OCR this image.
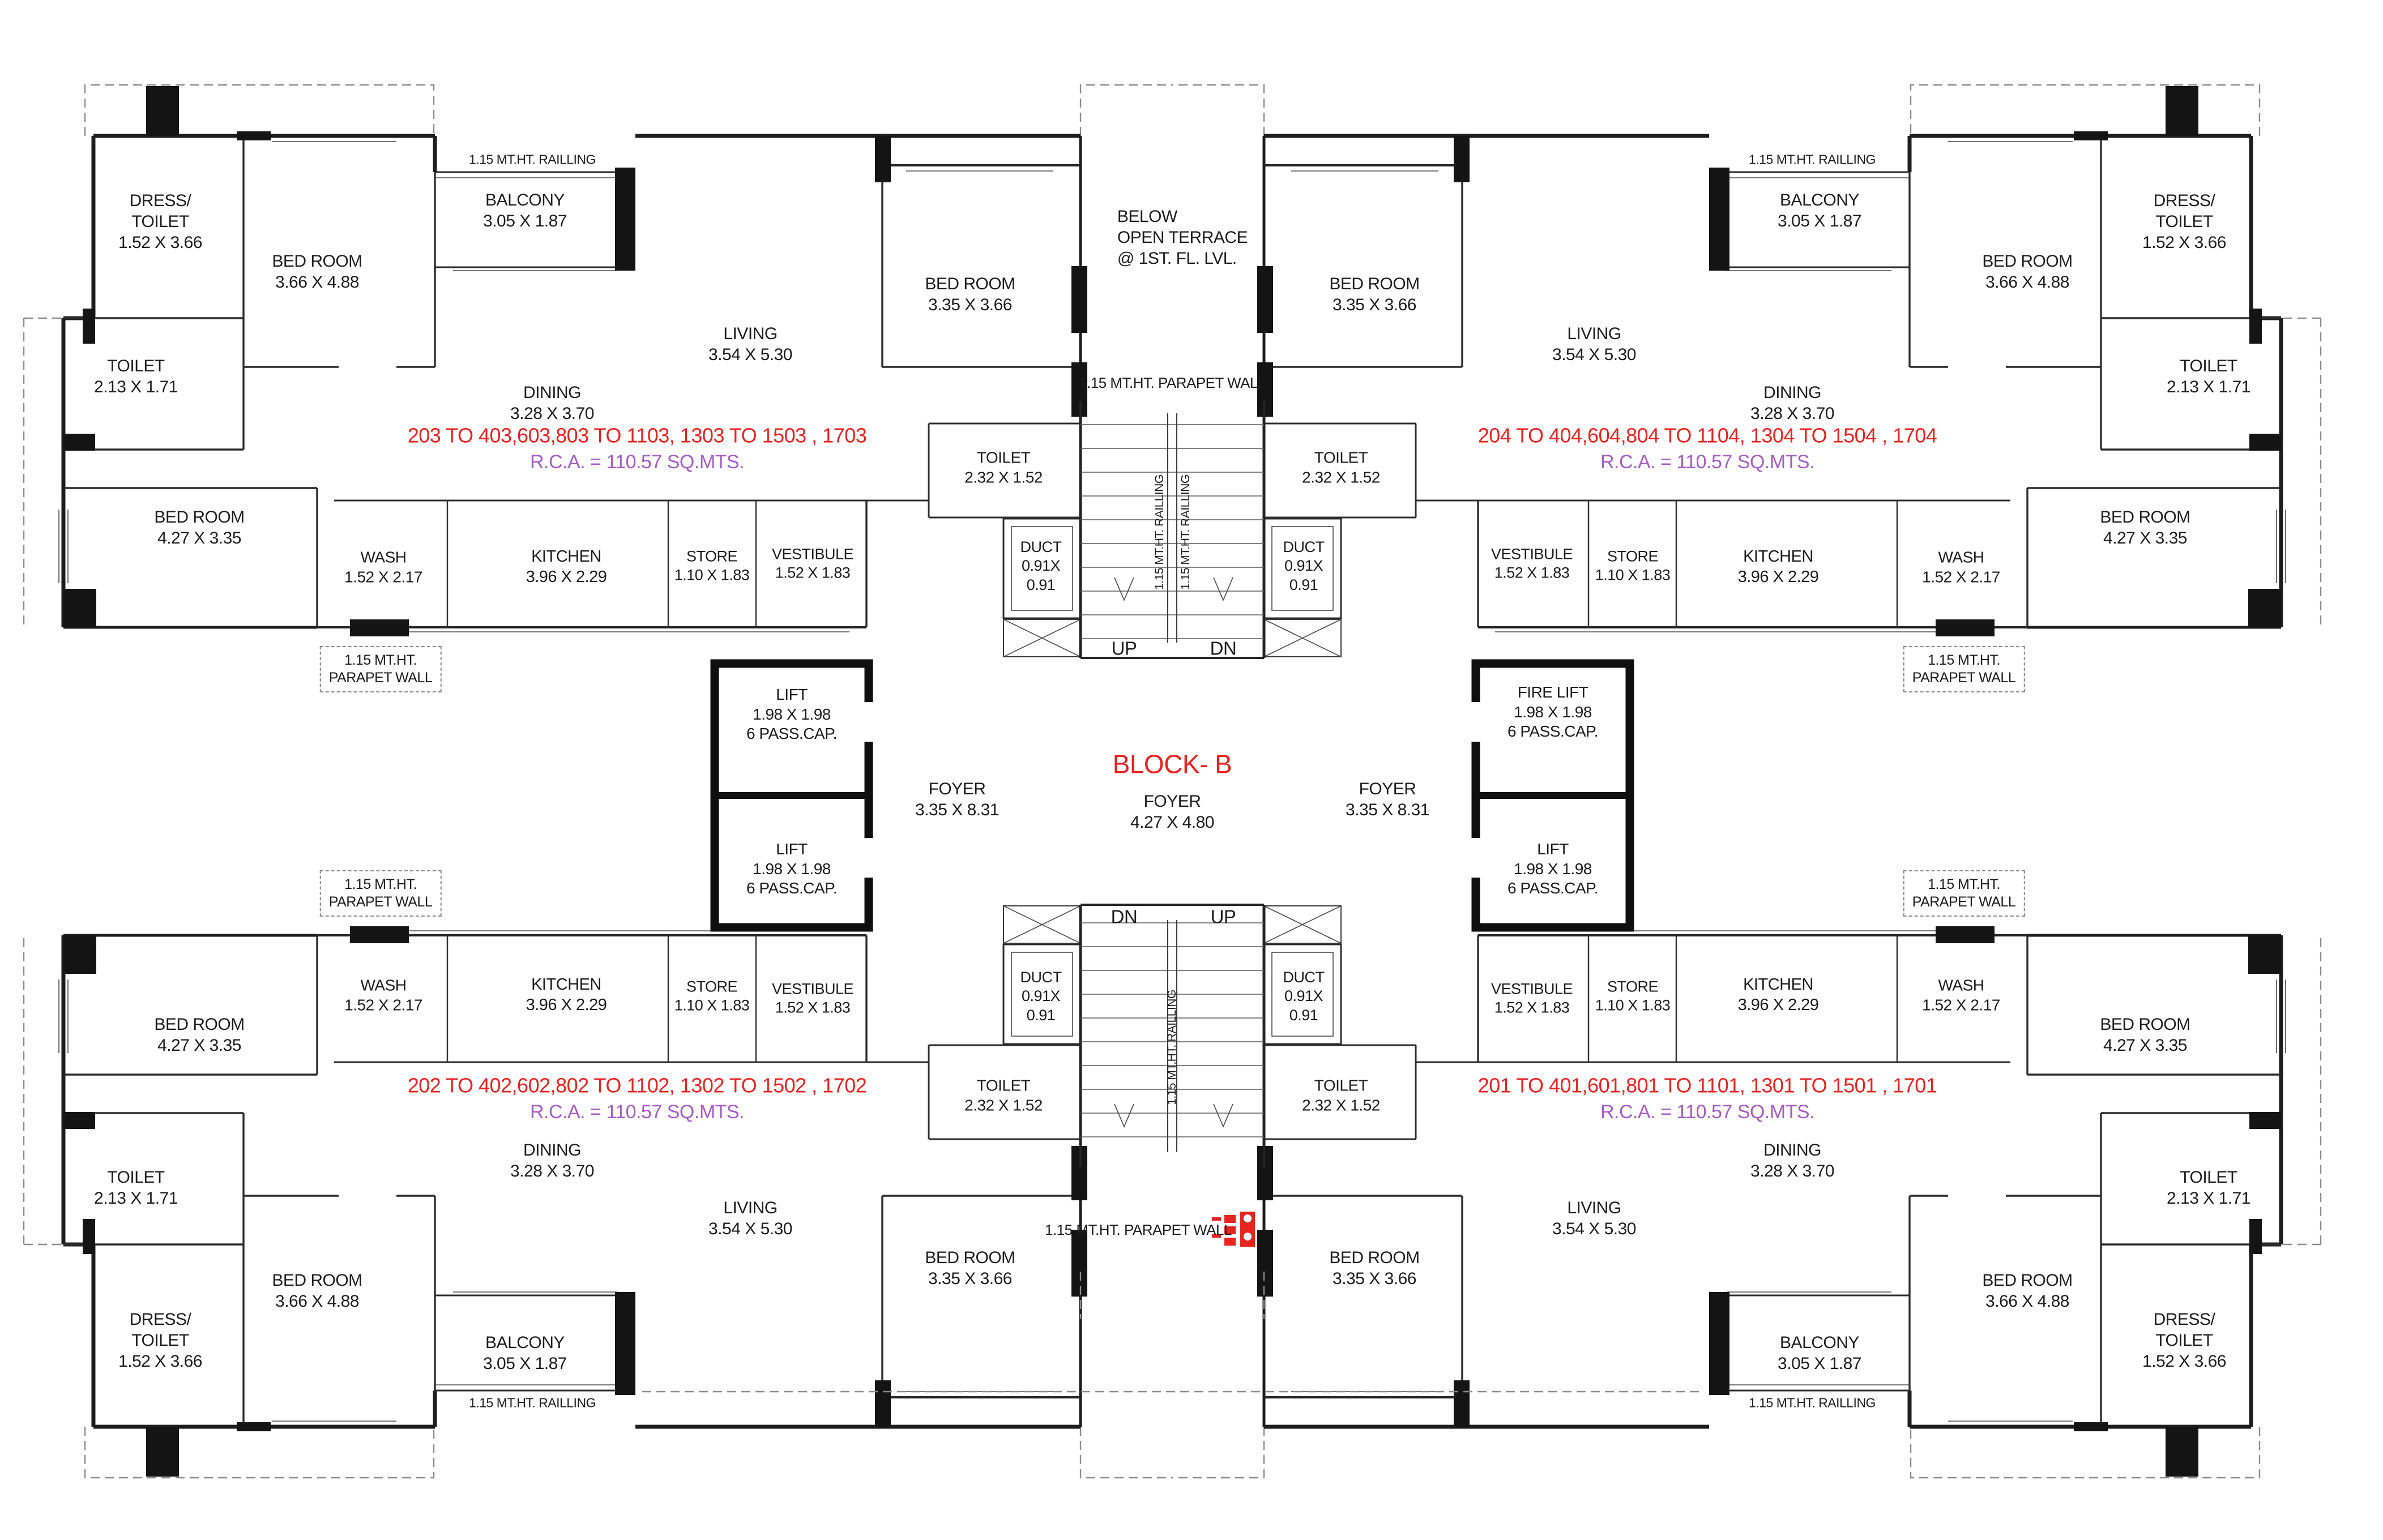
DRESS/
TOILET
1.52 X 3.66
BED ROOM
3.66 X 4.88
BALCONY
3.05 X 1.87
1.15 MT.HT. RAILLING
TOILET
2.13 X 1.71
LIVING
3.54 X 5.30
DINING
3.28 X 3.70
203 TO 403,603,803 TO 1103, 1303 TO 1503 , 1703
R.C.A. = 110.57 SQ.MTS.
BED ROOM
3.35 X 3.66
BED ROOM
4.27 X 3.35
WASH
1.52 X 2.17
KITCHEN
3.96 X 2.29
STORE
1.10 X 1.83
VESTIBULE
1.52 X 1.83
TOILET
2.32 X 1.52
DUCT
0.91X
0.91
1.15 MT.HT.
PARAPET WALL
DRESS/
TOILET
1.52 X 3.66
BED ROOM
3.66 X 4.88
BALCONY
3.05 X 1.87
1.15 MT.HT. RAILLING
TOILET
2.13 X 1.71
LIVING
3.54 X 5.30
DINING
3.28 X 3.70
204 TO 404,604,804 TO 1104, 1304 TO 1504 , 1704
R.C.A. = 110.57 SQ.MTS.
BED ROOM
3.35 X 3.66
BED ROOM
4.27 X 3.35
WASH
1.52 X 2.17
KITCHEN
3.96 X 2.29
STORE
1.10 X 1.83
VESTIBULE
1.52 X 1.83
TOILET
2.32 X 1.52
DUCT
0.91X
0.91
1.15 MT.HT.
PARAPET WALL
BED ROOM
4.27 X 3.35
WASH
1.52 X 2.17
KITCHEN
3.96 X 2.29
STORE
1.10 X 1.83
VESTIBULE
1.52 X 1.83
TOILET
2.32 X 1.52
DUCT
0.91X
0.91
1.15 MT.HT.
PARAPET WALL
202 TO 402,602,802 TO 1102, 1302 TO 1502 , 1702
R.C.A. = 110.57 SQ.MTS.
DINING
3.28 X 3.70
LIVING
3.54 X 5.30
BED ROOM
3.35 X 3.66
TOILET
2.13 X 1.71
DRESS/
TOILET
1.52 X 3.66
BED ROOM
3.66 X 4.88
BALCONY
3.05 X 1.87
1.15 MT.HT. RAILLING
BED ROOM
4.27 X 3.35
WASH
1.52 X 2.17
KITCHEN
3.96 X 2.29
STORE
1.10 X 1.83
VESTIBULE
1.52 X 1.83
TOILET
2.32 X 1.52
DUCT
0.91X
0.91
1.15 MT.HT.
PARAPET WALL
201 TO 401,601,801 TO 1101, 1301 TO 1501 , 1701
R.C.A. = 110.57 SQ.MTS.
LIVING
3.54 X 5.30
DINING
3.28 X 3.70
BED ROOM
3.35 X 3.66
TOILET
2.13 X 1.71
DRESS/
TOILET
1.52 X 3.66
BED ROOM
3.66 X 4.88
BALCONY
3.05 X 1.87
1.15 MT.HT. RAILLING
BELOW
OPEN TERRACE
@ 1ST. FL. LVL.
1.15 MT.HT. PARAPET WALL
UP	DN
1.15 MT.HT. RAILLING 1.15 MT.HT. RAILLING
LIFT
1.98 X 1.98
6 PASS.CAP.
LIFT
1.98 X 1.98
6 PASS.CAP.
FIRE LIFT
1.98 X 1.98
6 PASS.CAP.
LIFT
1.98 X 1.98
6 PASS.CAP.
FOYER
3.35 X 8.31
FOYER
3.35 X 8.31
BLOCK- B
FOYER
4.27 X 4.80
DN	UP
1.15 MT.HT. RAILLING
1.15 MT.HT. PARAPET WALL
